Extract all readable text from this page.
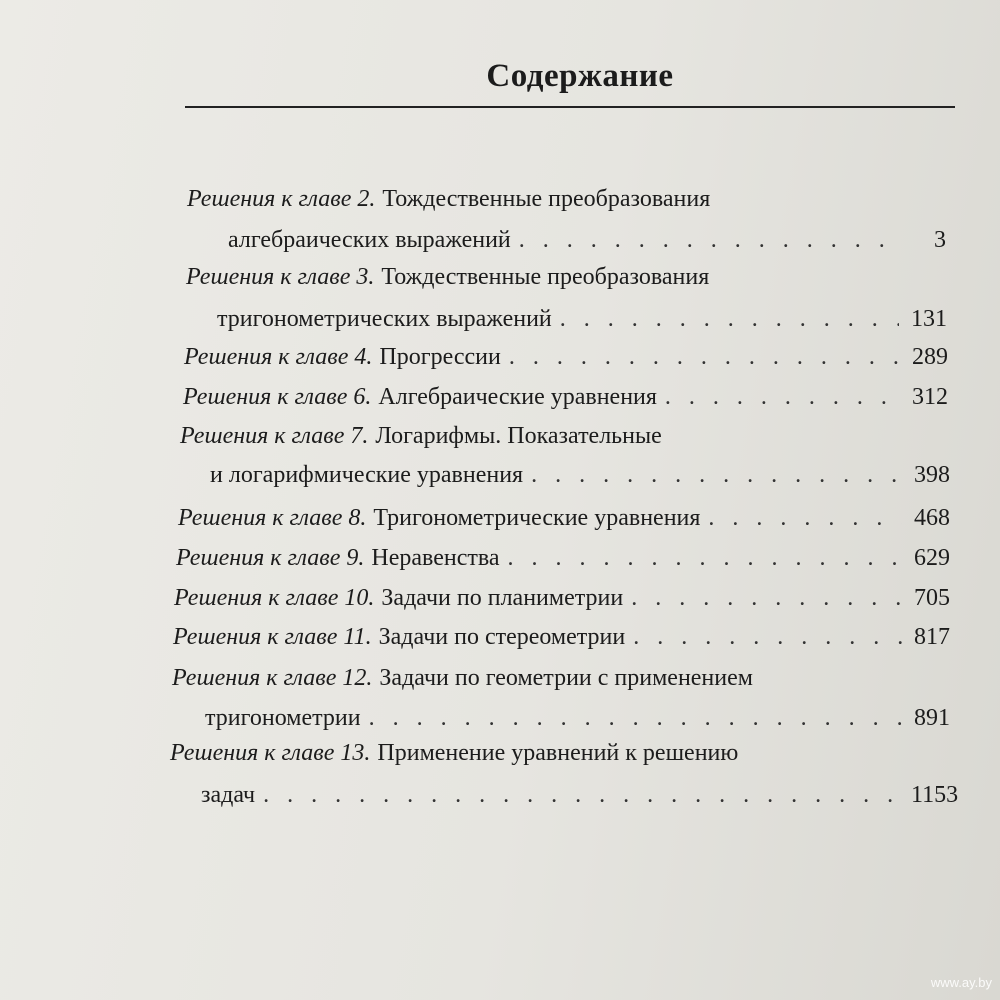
Содержание
Решения к главе 2. Тождественные преобразования
алгебраических выражений . . .	3
Решения к главе 3. Тождественные преобразования
тригонометрических выражений . . .	131
Решения к главе 4. Прогрессии . . .	289
Решения к главе 6. Алгебраические уравнения . . .	312
Решения к главе 7. Логарифмы. Показательные
и логарифмические уравнения . . .	398
Решения к главе 8. Тригонометрические уравнения . . .	468
Решения к главе 9. Неравенства . . .	629
Решения к главе 10. Задачи по планиметрии . . .	705
Решения к главе 11. Задачи по стереометрии . . .	817
Решения к главе 12. Задачи по геометрии с применением
тригонометрии . . .	891
Решения к главе 13. Применение уравнений к решению
задач . . .	1153
www.ay.by
